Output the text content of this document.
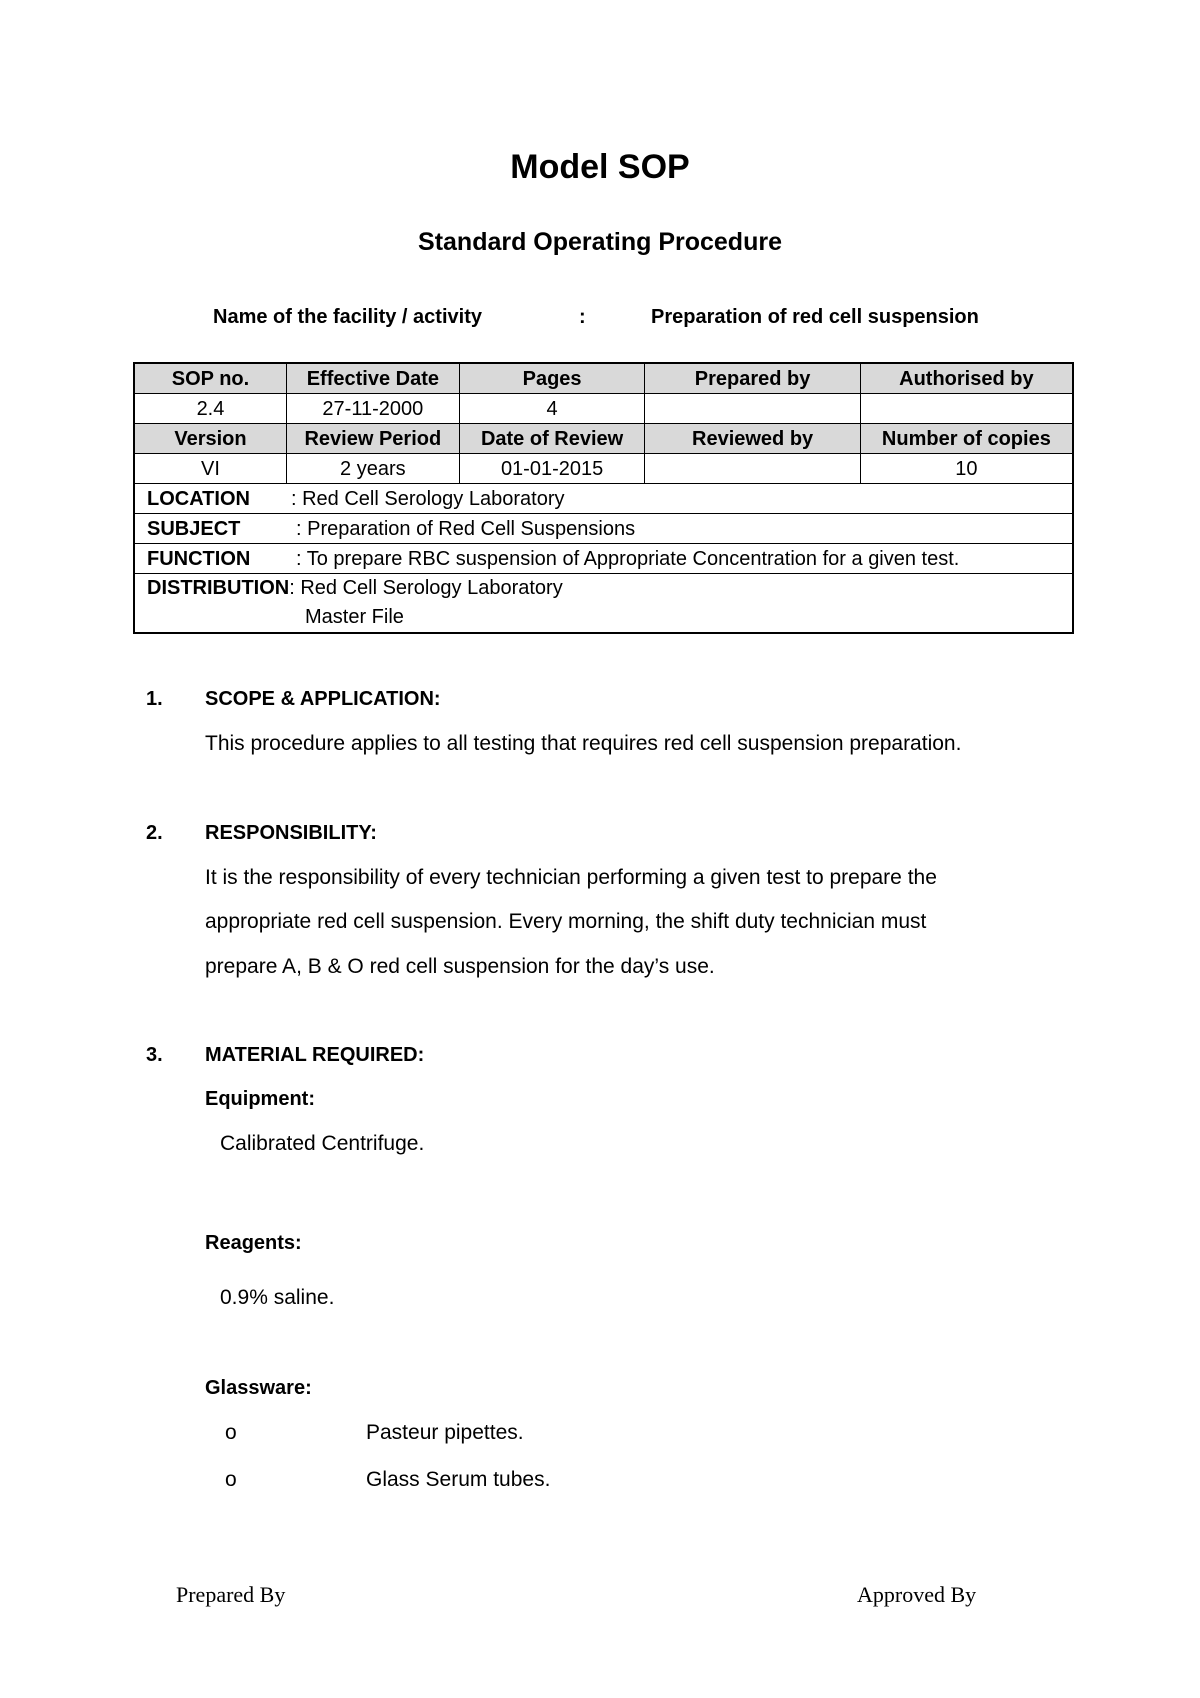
Model SOP
Standard Operating Procedure
Name of the facility / activity	:	Preparation of red cell suspension
SOP no.	Effective Date	Pages	Prepared by	Authorised by
2.4	27-11-2000	4		
Version	Review Period	Date of Review	Reviewed by	Number of copies
VI	2 years	01-01-2015		10
LOCATION : Red Cell Serology Laboratory				
SUBJECT : Preparation of Red Cell Suspensions				
FUNCTION : To prepare RBC suspension of Appropriate Concentration for a given test.				
DISTRIBUTION: Red Cell Serology Laboratory
Master File				
1. SCOPE & APPLICATION:
This procedure applies to all testing that requires red cell suspension preparation.
2. RESPONSIBILITY:
It is the responsibility of every technician performing a given test to prepare the
appropriate red cell suspension. Every morning, the shift duty technician must
prepare A, B & O red cell suspension for the day’s use.
3. MATERIAL REQUIRED:
Equipment:
Calibrated Centrifuge.
Reagents:
0.9% saline.
Glassware:
o	Pasteur pipettes.
o	Glass Serum tubes.
Prepared By	Approved By
